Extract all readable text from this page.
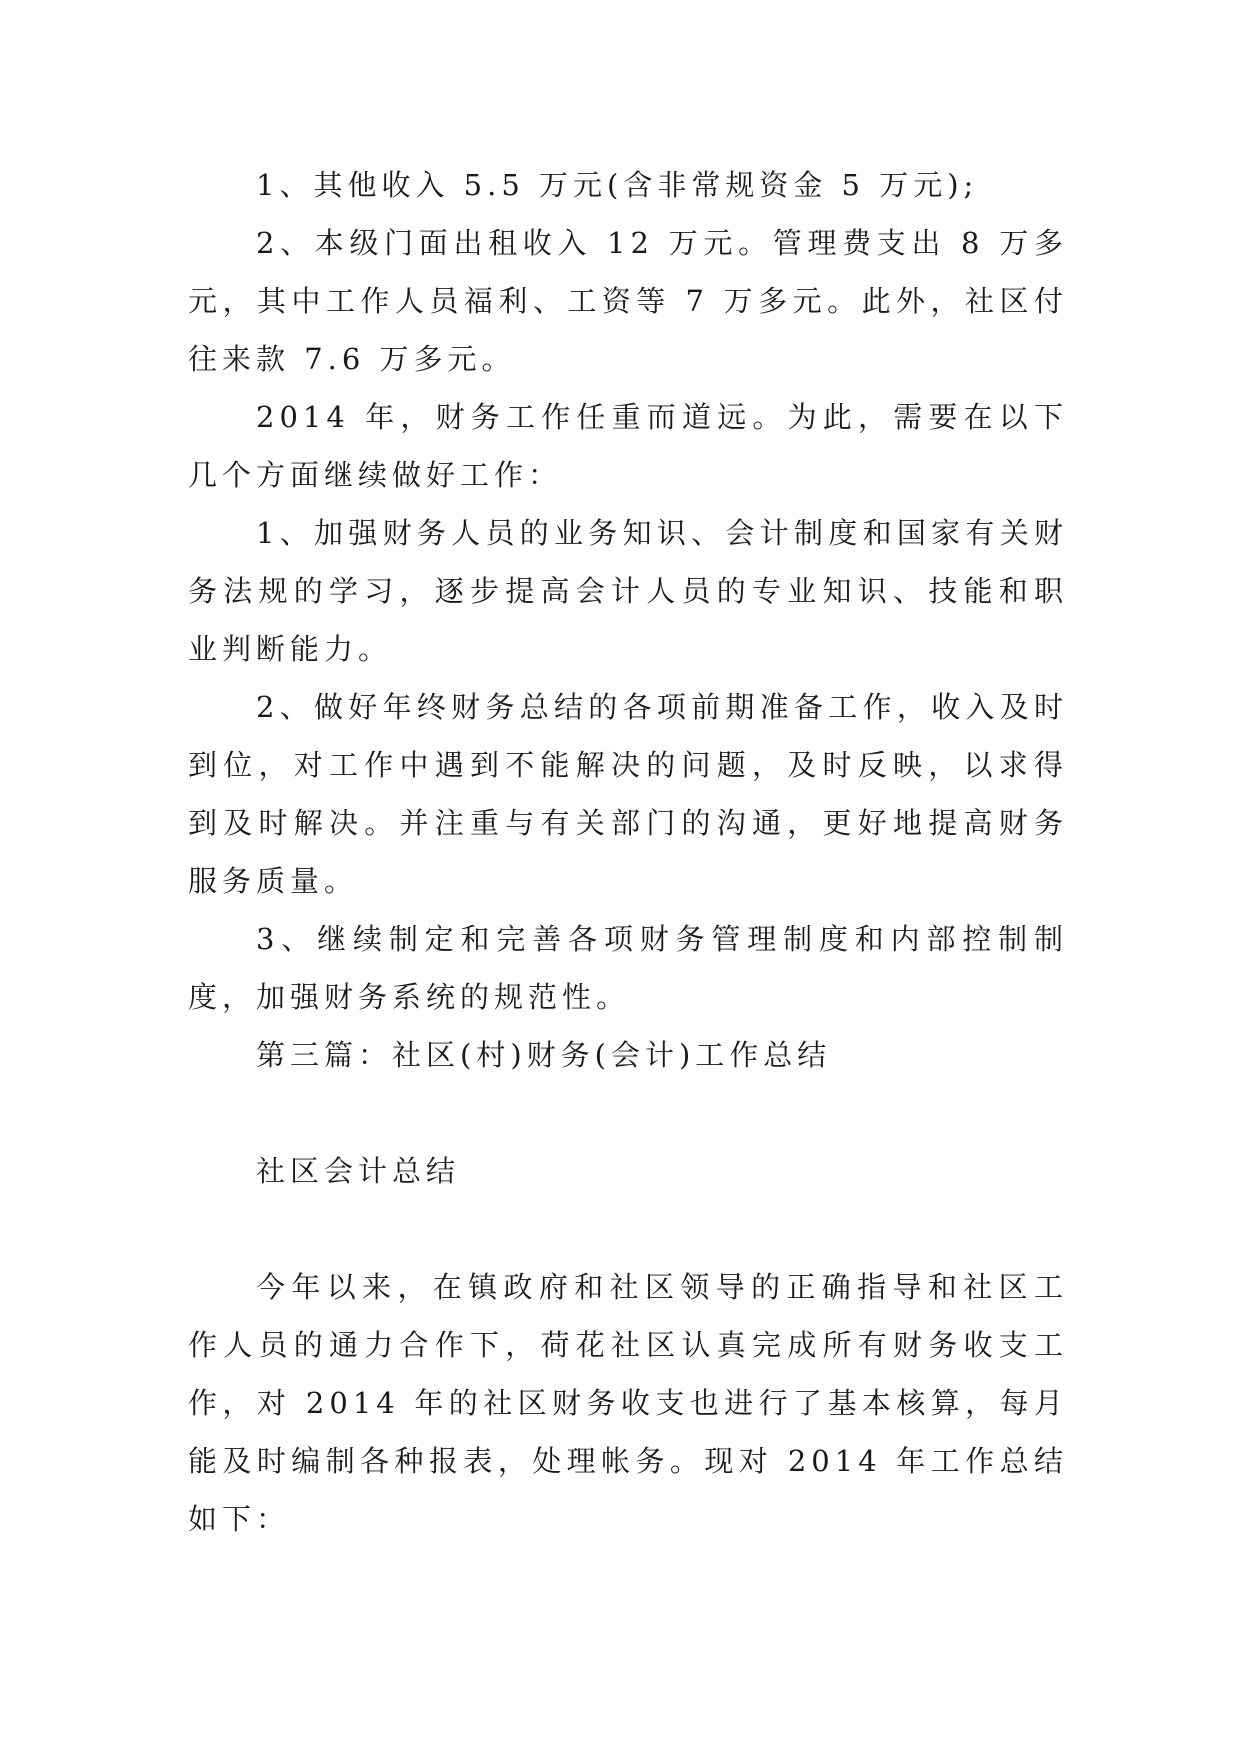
1、其他收入 5.5 万元(含非常规资金 5 万元);

2、本级门面出租收入 12 万元。管理费支出 8 万多元，其中工作人员福利、工资等 7 万多元。此外，社区付往来款 7.6 万多元。

2014 年，财务工作任重而道远。为此，需要在以下几个方面继续做好工作：

1、加强财务人员的业务知识、会计制度和国家有关财务法规的学习，逐步提高会计人员的专业知识、技能和职业判断能力。

2、做好年终财务总结的各项前期准备工作，收入及时到位，对工作中遇到不能解决的问题，及时反映，以求得到及时解决。并注重与有关部门的沟通，更好地提高财务服务质量。

3、继续制定和完善各项财务管理制度和内部控制制度，加强财务系统的规范性。

第三篇：社区(村)财务(会计)工作总结

社区会计总结

今年以来，在镇政府和社区领导的正确指导和社区工作人员的通力合作下，荷花社区认真完成所有财务收支工作，对 2014 年的社区财务收支也进行了基本核算，每月能及时编制各种报表，处理帐务。现对 2014 年工作总结如下：
